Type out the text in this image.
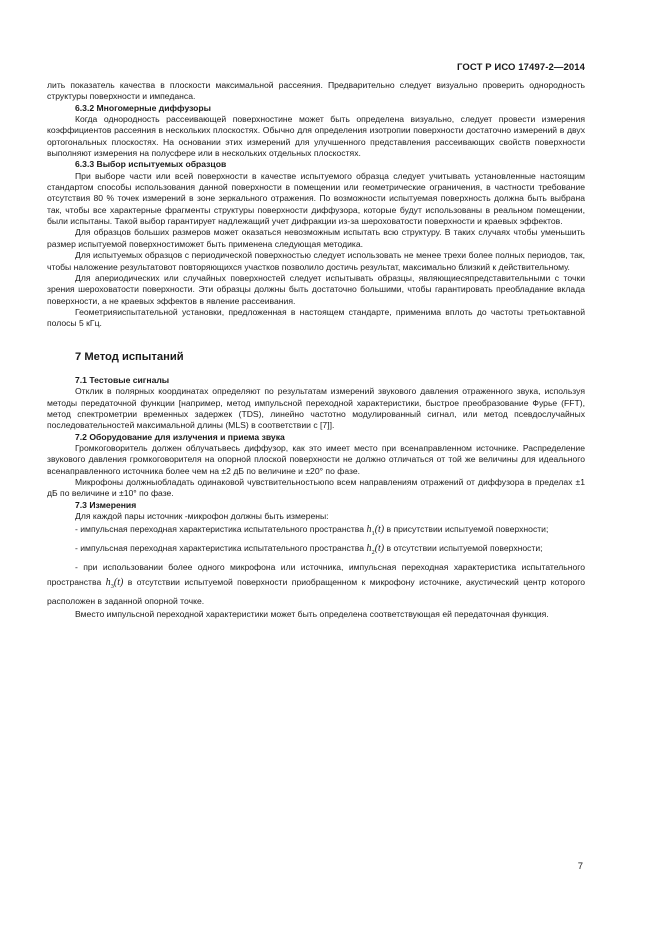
ГОСТ Р ИСО 17497-2—2014

лить показатель качества в плоскости максимальной рассеяния. Предварительно следует визуально проверить однородность структуры поверхности и импеданса.

6.3.2 Многомерные диффузоры

Когда однородность рассеивающей поверхностине может быть определена визуально, следует провести измерения коэффициентов рассеяния в нескольких плоскостях. Обычно для определения изотропии поверхности достаточно измерений в двух ортогональных плоскостях. На основании этих измерений для улучшенного представления рассеивающих свойств поверхности выполняют измерения на полусфере или в нескольких отдельных плоскостях.

6.3.3 Выбор испытуемых образцов

При выборе части или всей поверхности в качестве испытуемого образца следует учитывать установленные настоящим стандартом способы использования данной поверхности в помещении или геометрические ограничения, в частности требование отсутствия 80 % точек измерений в зоне зеркального отражения. По возможности испытуемая поверхность должна быть выбрана так, чтобы все характерные фрагменты структуры поверхности диффузора, которые будут использованы в реальном помещении, были испытаны. Такой выбор гарантирует надлежащий учет дифракции из-за шероховатости поверхности и краевых эффектов.

Для образцов больших размеров может оказаться невозможным испытать всю структуру. В таких случаях чтобы уменьшить размер испытуемой поверхностиможет быть применена следующая методика.

Для испытуемых образцов с периодической поверхностью следует использовать не менее трехи более полных периодов, так, чтобы наложение результатовот повторяющихся участков позволило достичь результат, максимально близкий к действительному.

Для апериодических или случайных поверхностей следует испытывать образцы, являющиесяпредставительными с точки зрения шероховатости поверхности. Эти образцы должны быть достаточно большими, чтобы гарантировать преобладание вклада поверхности, а не краевых эффектов в явление рассеивания.

Геометрияиспытательной установки, предложенная в настоящем стандарте, применима вплоть до частоты третьоктавной полосы 5 кГц.

7 Метод испытаний

7.1 Тестовые сигналы

Отклик в полярных координатах определяют по результатам измерений звукового давления отраженного звука, используя методы передаточной функции [например, метод импульсной переходной характеристики, быстрое преобразование Фурье (FFT), метод спектрометрии временных задержек (TDS), линейно частотно модулированный сигнал, или метод псевдослучайных последовательностей максимальной длины (MLS) в соответствии с [7]].

7.2 Оборудование для излучения и приема звука

Громкоговоритель должен облучатьвесь диффузор, как это имеет место при всенаправленном источнике. Распределение звукового давления громкоговорителя на опорной плоской поверхности не должно отличаться от той же величины для идеального всенаправленного источника более чем на ±2 дБ по величине и ±20° по фазе.

Микрофоны должныобладать одинаковой чувствительностьюпо всем направлениям отражений от диффузора в пределах ±1 дБ по величине и ±10° по фазе.

7.3 Измерения

Для каждой пары источник -микрофон должны быть измерены:

- импульсная переходная характеристика испытательного пространства $h_1(t)$ в присутствии испытуемой поверхности;

- импульсная переходная характеристика испытательного пространства $h_2(t)$ в отсутствии испытуемой поверхности;

- при использовании более одного микрофона или источника, импульсная переходная характеристика испытательного пространства $h_3(t)$ в отсутствии испытуемой поверхности приобращенном к микрофону источнике, акустический центр которого расположен в заданной опорной точке.

Вместо импульсной переходной характеристики может быть определена соответствующая ей передаточная функция.

7
